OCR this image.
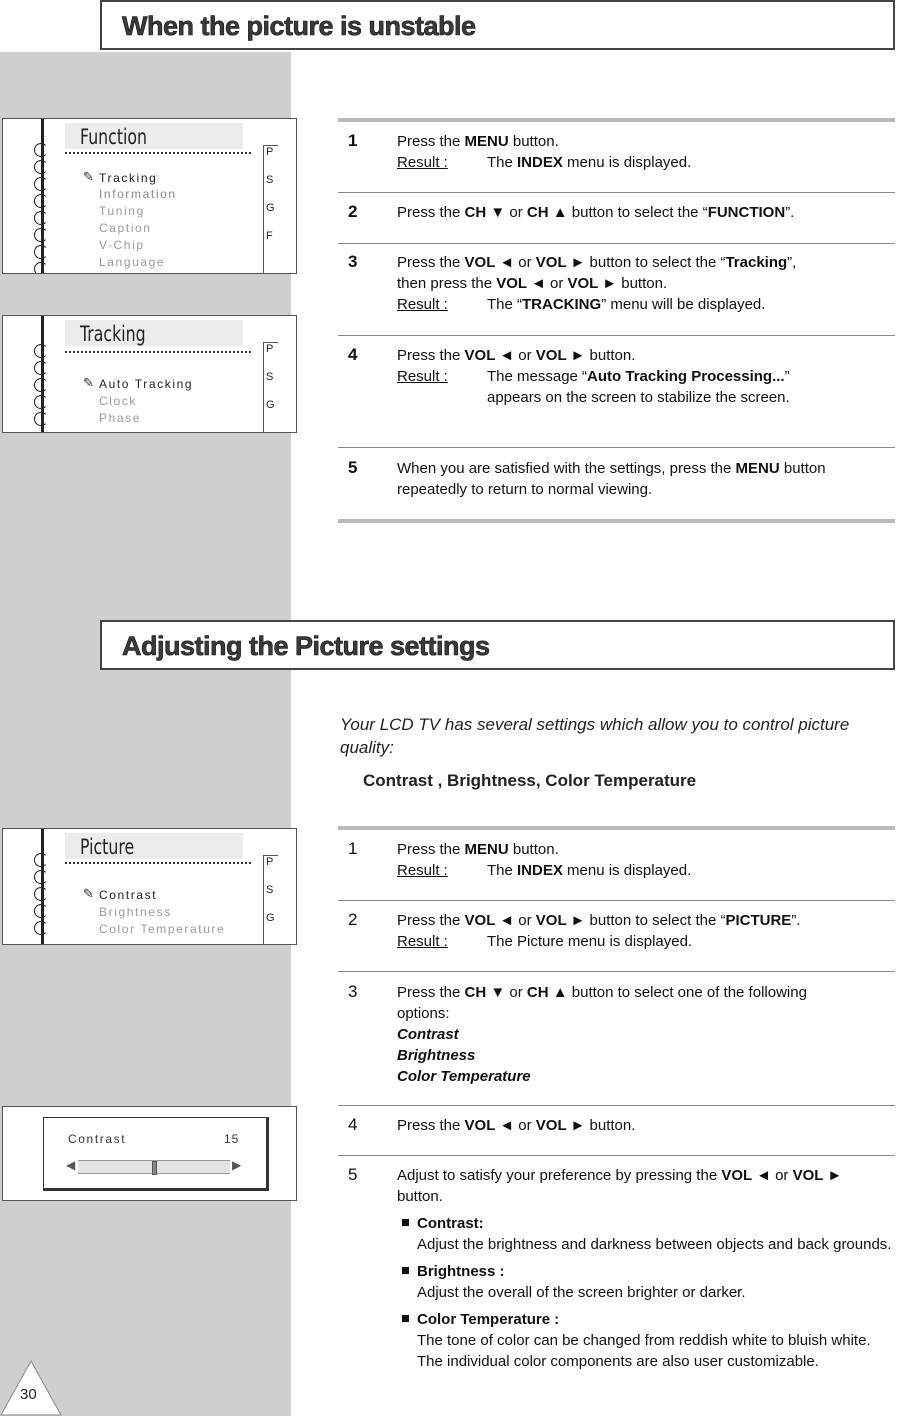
When the picture is unstable
Function
✎ Tracking
Information
Tuning
Caption
V-Chip
Language
P
S
G
F
Tracking
✎ Auto Tracking
Clock
Phase
P
S
G
1	Press the MENU button.
Result :	The INDEX menu is displayed.
2	Press the CH ▼ or CH ▲ button to select the “FUNCTION”.
3	Press the VOL ◄ or VOL ► button to select the “Tracking”,
then press the VOL ◄ or VOL ► button.
Result :	The “TRACKING” menu will be displayed.
4	Press the VOL ◄ or VOL ► button.
Result :	The message “Auto Tracking Processing...”
appears on the screen to stabilize the screen.
5	When you are satisfied with the settings, press the MENU button
repeatedly to return to normal viewing.
Adjusting the Picture settings
Your LCD TV has several settings which allow you to control picture quality:
Contrast , Brightness, Color Temperature
Picture
✎ Contrast
Brightness
Color Temperature
P
S
G
Contrast	15
◀	▶
1	Press the MENU button.
Result :	The INDEX menu is displayed.
2	Press the VOL ◄ or VOL ► button to select the “PICTURE”.
Result :	The Picture menu is displayed.
3	Press the CH ▼ or CH ▲ button to select one of the following
options:
Contrast
Brightness
Color Temperature
4	Press the VOL ◄ or VOL ► button.
5	Adjust to satisfy your preference by pressing the VOL ◄ or VOL ►
button.
Contrast:
Adjust the brightness and darkness between objects and back grounds.
Brightness :
Adjust the overall of the screen brighter or darker.
Color Temperature :
The tone of color can be changed from reddish white to bluish white. The individual color components are also user customizable.
30
